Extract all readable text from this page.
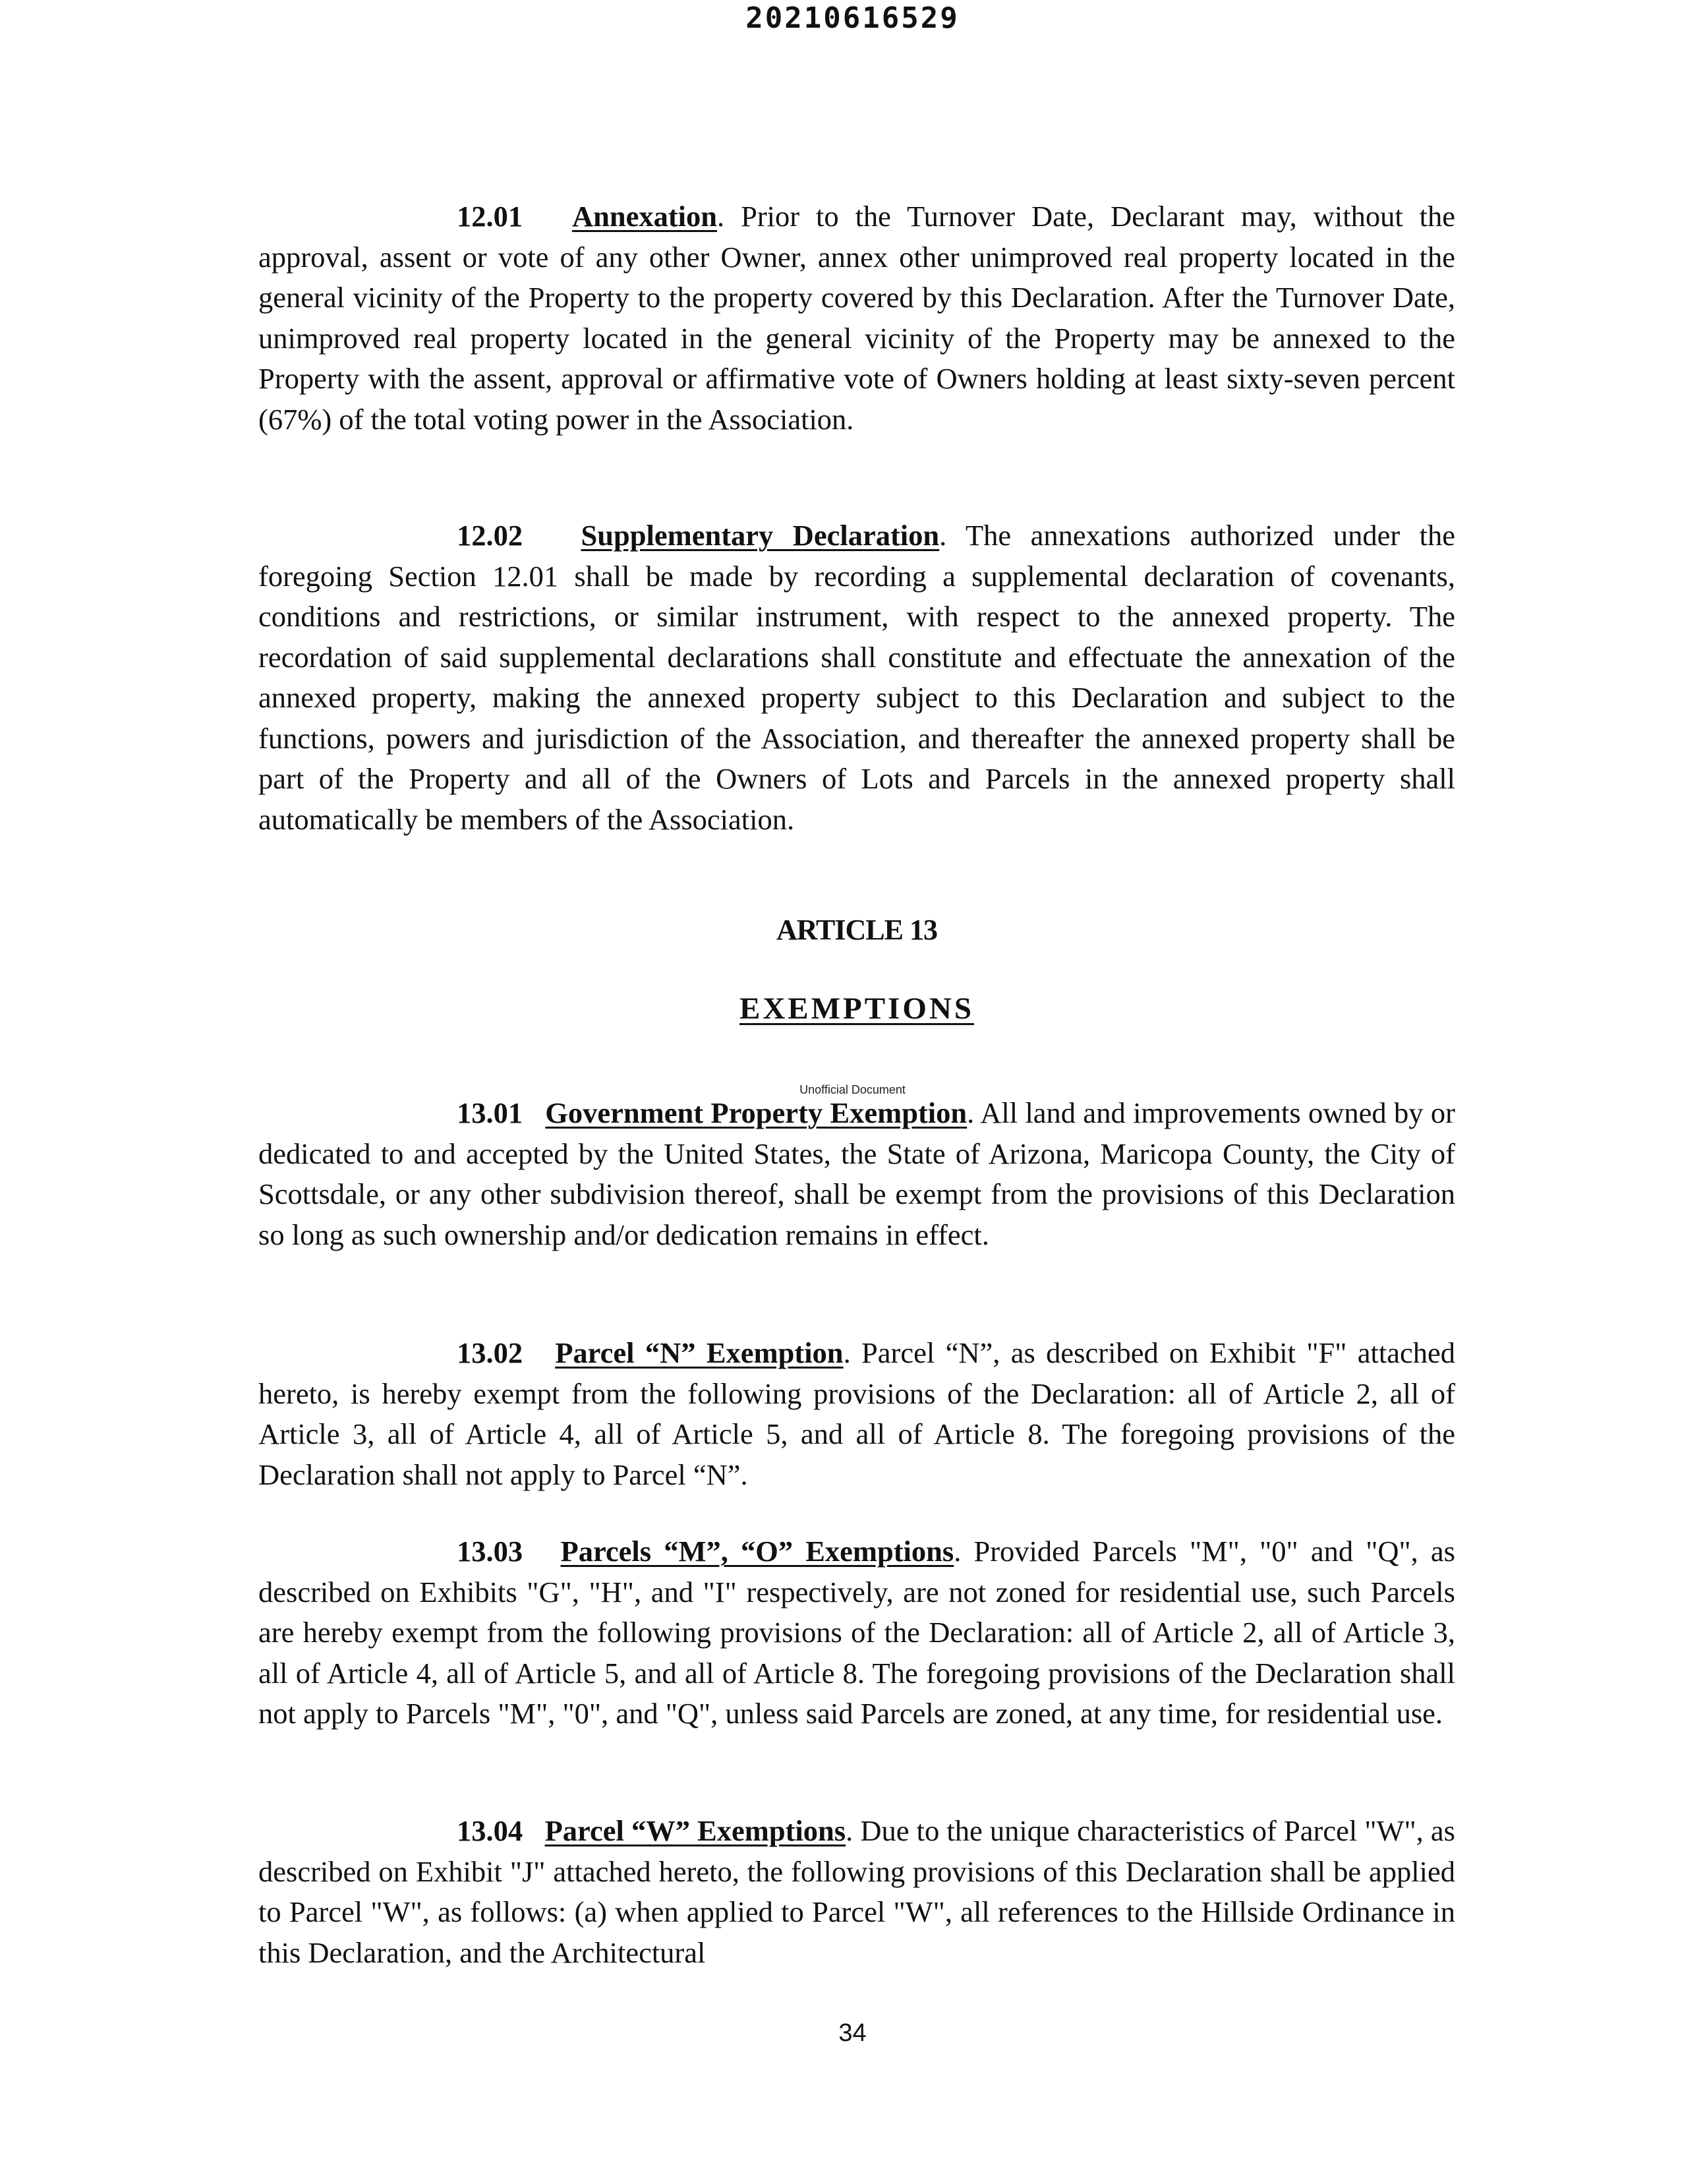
20210616529

12.01 Annexation. Prior to the Turnover Date, Declarant may, without the approval, assent or vote of any other Owner, annex other unimproved real property located in the general vicinity of the Property to the property covered by this Declaration. After the Turnover Date, unimproved real property located in the general vicinity of the Property may be annexed to the Property with the assent, approval or affirmative vote of Owners holding at least sixty-seven percent (67%) of the total voting power in the Association.

12.02 Supplementary Declaration. The annexations authorized under the foregoing Section 12.01 shall be made by recording a supplemental declaration of covenants, conditions and restrictions, or similar instrument, with respect to the annexed property. The recordation of said supplemental declarations shall constitute and effectuate the annexation of the annexed property, making the annexed property subject to this Declaration and subject to the functions, powers and jurisdiction of the Association, and thereafter the annexed property shall be part of the Property and all of the Owners of Lots and Parcels in the annexed property shall automatically be members of the Association.

ARTICLE 13
EXEMPTIONS
Unofficial Document

13.01 Government Property Exemption. All land and improvements owned by or dedicated to and accepted by the United States, the State of Arizona, Maricopa County, the City of Scottsdale, or any other subdivision thereof, shall be exempt from the provisions of this Declaration so long as such ownership and/or dedication remains in effect.

13.02 Parcel “N” Exemption. Parcel “N”, as described on Exhibit "F" attached hereto, is hereby exempt from the following provisions of the Declaration: all of Article 2, all of Article 3, all of Article 4, all of Article 5, and all of Article 8. The foregoing provisions of the Declaration shall not apply to Parcel “N”.

13.03 Parcels “M”, “O” Exemptions. Provided Parcels "M", "0" and "Q", as described on Exhibits "G", "H", and "I" respectively, are not zoned for residential use, such Parcels are hereby exempt from the following provisions of the Declaration: all of Article 2, all of Article 3, all of Article 4, all of Article 5, and all of Article 8. The foregoing provisions of the Declaration shall not apply to Parcels "M", "0", and "Q", unless said Parcels are zoned, at any time, for residential use.

13.04 Parcel “W” Exemptions. Due to the unique characteristics of Parcel "W", as described on Exhibit "J" attached hereto, the following provisions of this Declaration shall be applied to Parcel "W", as follows: (a) when applied to Parcel "W", all references to the Hillside Ordinance in this Declaration, and the Architectural

34
